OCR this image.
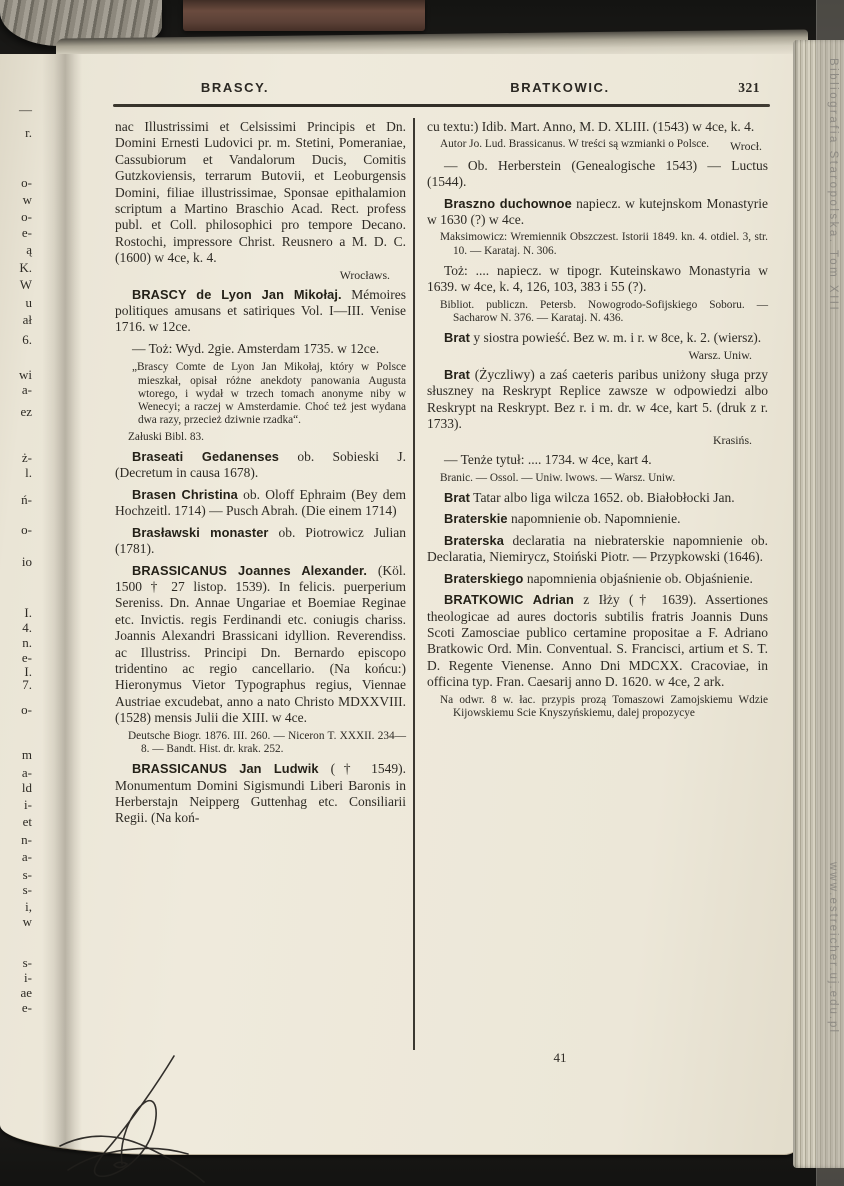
—
r.
o-
w
o-
e-
ą
K.
W
u
ał
6.
wi
a-
ez
ż-
l.
ń-
o-
io
I.
4.
n.
e-
I.
7.
o-
m
a-
ld
i-
et
n-
a-
s-
s-
i,
w
s-
i-
ae
e-
BRASCY.	BRATKOWIC.	321
nac Illustrissimi et Celsissimi Principis et Dn. Domini Ernesti Ludovici pr. m. Stetini, Pomeraniae, Cassubiorum et Vandalorum Ducis, Comitis Gutzkoviensis, terrarum Butovii, et Leoburgensis Domini, filiae illustrissimae, Sponsae epithalamion scriptum a Martino Braschio Acad. Rect. profess publ. et Coll. philosophici pro tempore Decano. Rostochi, impressore Christ. Reusnero a M. D. C. (1600) w 4ce, k. 4.
Wrocławs.
BRASCY de Lyon Jan Mikołaj. Mémoires politiques amusans et satiriques Vol. I—III. Venise 1716. w 12ce.
— Toż: Wyd. 2gie. Amsterdam 1735. w 12ce.
„Brascy Comte de Lyon Jan Mikołaj, który w Polsce mieszkał, opisał różne anekdoty panowania Augusta wtorego, i wydał w trzech tomach anonyme niby w Wenecyi; a raczej w Amsterdamie. Choć też jest wydana dwa razy, przecież dziwnie rzadka“.
Załuski Bibl. 83.
Braseati Gedanenses ob. Sobieski J. (Decretum in causa 1678).
Brasen Christina ob. Oloff Ephraim (Bey dem Hochzeitl. 1714) — Pusch Abrah. (Die einem 1714)
Brasławski monaster ob. Piotrowicz Julian (1781).
BRASSICANUS Joannes Alexander. (Köl. 1500 † 27 listop. 1539). In felicis. puerperium Sereniss. Dn. Annae Ungariae et Boemiae Reginae etc. Invictis. regis Ferdinandi etc. coniugis chariss. Joannis Alexandri Brassicani idyllion. Reverendiss. ac Illustriss. Principi Dn. Bernardo episcopo tridentino ac regio cancellario. (Na końcu:) Hieronymus Vietor Typographus regius, Viennae Austriae excudebat, anno a nato Christo MDXXVIII. (1528) mensis Julii die XIII. w 4ce.
Deutsche Biogr. 1876. III. 260. — Niceron T. XXXII. 234—8. — Bandt. Hist. dr. krak. 252.
BRASSICANUS Jan Ludwik († 1549). Monumentum Domini Sigismundi Liberi Baronis in Herberstajn Neipperg Guttenhag etc. Consiliarii Regii. (Na koń-
cu textu:) Idib. Mart. Anno, M. D. XLIII. (1543) w 4ce, k. 4.
Autor Jo. Lud. Brassicanus. W treści są wzmianki o Polsce.	Wrocł.
— Ob. Herberstein (Genealogische 1543) — Luctus (1544).
Braszno duchownoe napiecz. w kutejnskom Monastyrie w 1630 (?) w 4ce.
Maksimowicz: Wremiennik Obszczest. Istorii 1849. kn. 4. otdiel. 3, str. 10. — Karataj. N. 306.
Toż: .... napiecz. w tipogr. Kuteinskawo Monastyria w 1639. w 4ce, k. 4, 126, 103, 383 i 55 (?).
Bibliot. publiczn. Petersb. Nowogrodo-Sofijskiego Soboru. — Sacharow N. 376. — Karataj. N. 436.
Brat y siostra powieść. Bez w. m. i r. w 8ce, k. 2. (wiersz).
Warsz. Uniw.
Brat (Życzliwy) a zaś caeteris paribus uniżony sługa przy słuszney na Reskrypt Replice zawsze w odpowiedzi albo Reskrypt na Reskrypt. Bez r. i m. dr. w 4ce, kart 5. (druk z r. 1733).
Krasińs.
— Tenże tytuł: .... 1734. w 4ce, kart 4.
Branic. — Ossol. — Uniw. lwows. — Warsz. Uniw.
Brat Tatar albo liga wilcza 1652. ob. Białobłocki Jan.
Braterskie napomnienie ob. Napomnienie.
Braterska declaratia na niebraterskie napomnienie ob. Declaratia, Niemirycz, Stoiński Piotr. — Przypkowski (1646).
Braterskiego napomnienia objaśnienie ob. Objaśnienie.
BRATKOWIC Adrian z Iłży († 1639). Assertiones theologicae ad aures doctoris subtilis fratris Joannis Duns Scoti Zamosciae publico certamine propositae a F. Adriano Bratkowic Ord. Min. Conventual. S. Francisci, artium et S. T. D. Regente Vienense. Anno Dni MDCXX. Cracoviae, in officina typ. Fran. Caesarij anno D. 1620. w 4ce, 2 ark.
Na odwr. 8 w. łac. przypis prozą Tomaszowi Zamojskiemu Wdzie Kijowskiemu Scie Knyszyńskiemu, dalej propozycye
41
Bibliografia Staropolska. Tom XIII
www.estreicher.uj.edu.pl
